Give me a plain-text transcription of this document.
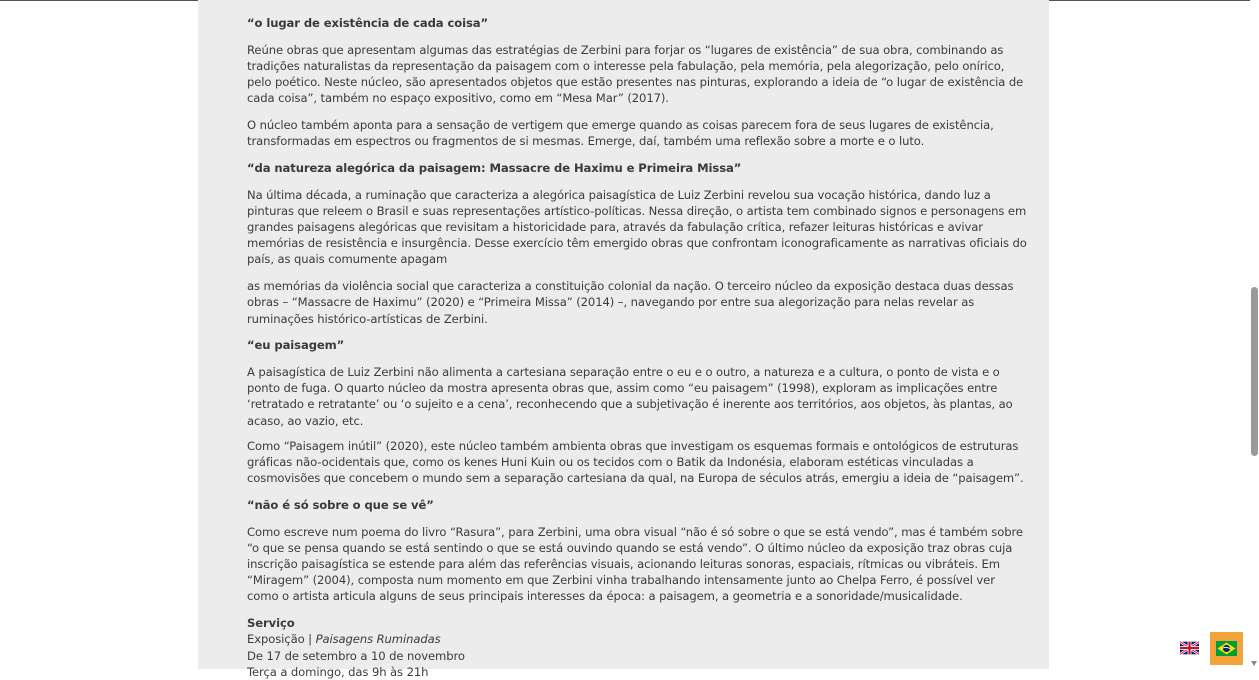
“o lugar de existência de cada coisa”

Reúne obras que apresentam algumas das estratégias de Zerbini para forjar os “lugares de existência” de sua obra, combinando as tradições naturalistas da representação da paisagem com o interesse pela fabulação, pela memória, pela alegorização, pelo onírico, pelo poético. Neste núcleo, são apresentados objetos que estão presentes nas pinturas, explorando a ideia de “o lugar de existência de cada coisa”, também no espaço expositivo, como em “Mesa Mar” (2017).

O núcleo também aponta para a sensação de vertigem que emerge quando as coisas parecem fora de seus lugares de existência, transformadas em espectros ou fragmentos de si mesmas. Emerge, daí, também uma reflexão sobre a morte e o luto.

“da natureza alegórica da paisagem: Massacre de Haximu e Primeira Missa”

Na última década, a ruminação que caracteriza a alegórica paisagística de Luiz Zerbini revelou sua vocação histórica, dando luz a pinturas que releem o Brasil e suas representações artístico-políticas. Nessa direção, o artista tem combinado signos e personagens em grandes paisagens alegóricas que revisitam a historicidade para, através da fabulação crítica, refazer leituras históricas e avivar memórias de resistência e insurgência. Desse exercício têm emergido obras que confrontam iconograficamente as narrativas oficiais do país, as quais comumente apagam

as memórias da violência social que caracteriza a constituição colonial da nação. O terceiro núcleo da exposição destaca duas dessas obras – “Massacre de Haximu” (2020) e “Primeira Missa” (2014) –, navegando por entre sua alegorização para nelas revelar as ruminações histórico-artísticas de Zerbini.

“eu paisagem”

A paisagística de Luiz Zerbini não alimenta a cartesiana separação entre o eu e o outro, a natureza e a cultura, o ponto de vista e o ponto de fuga. O quarto núcleo da mostra apresenta obras que, assim como “eu paisagem” (1998), exploram as implicações entre ‘retratado e retratante’ ou ‘o sujeito e a cena’, reconhecendo que a subjetivação é inerente aos territórios, aos objetos, às plantas, ao acaso, ao vazio, etc.

Como “Paisagem inútil” (2020), este núcleo também ambienta obras que investigam os esquemas formais e ontológicos de estruturas gráficas não-ocidentais que, como os kenes Huni Kuin ou os tecidos com o Batik da Indonésia, elaboram estéticas vinculadas a cosmovisões que concebem o mundo sem a separação cartesiana da qual, na Europa de séculos atrás, emergiu a ideia de “paisagem”.

“não é só sobre o que se vê”

Como escreve num poema do livro “Rasura”, para Zerbini, uma obra visual “não é só sobre o que se está vendo”, mas é também sobre “o que se pensa quando se está sentindo o que se está ouvindo quando se está vendo”. O último núcleo da exposição traz obras cuja inscrição paisagística se estende para além das referências visuais, acionando leituras sonoras, espaciais, rítmicas ou vibráteis. Em “Miragem” (2004), composta num momento em que Zerbini vinha trabalhando intensamente junto ao Chelpa Ferro, é possível ver como o artista articula alguns de seus principais interesses da época: a paisagem, a geometria e a sonoridade/musicalidade.

Serviço

Exposição | Paisagens Ruminadas

De 17 de setembro a 10 de novembro

Terça a domingo, das 9h às 21h
